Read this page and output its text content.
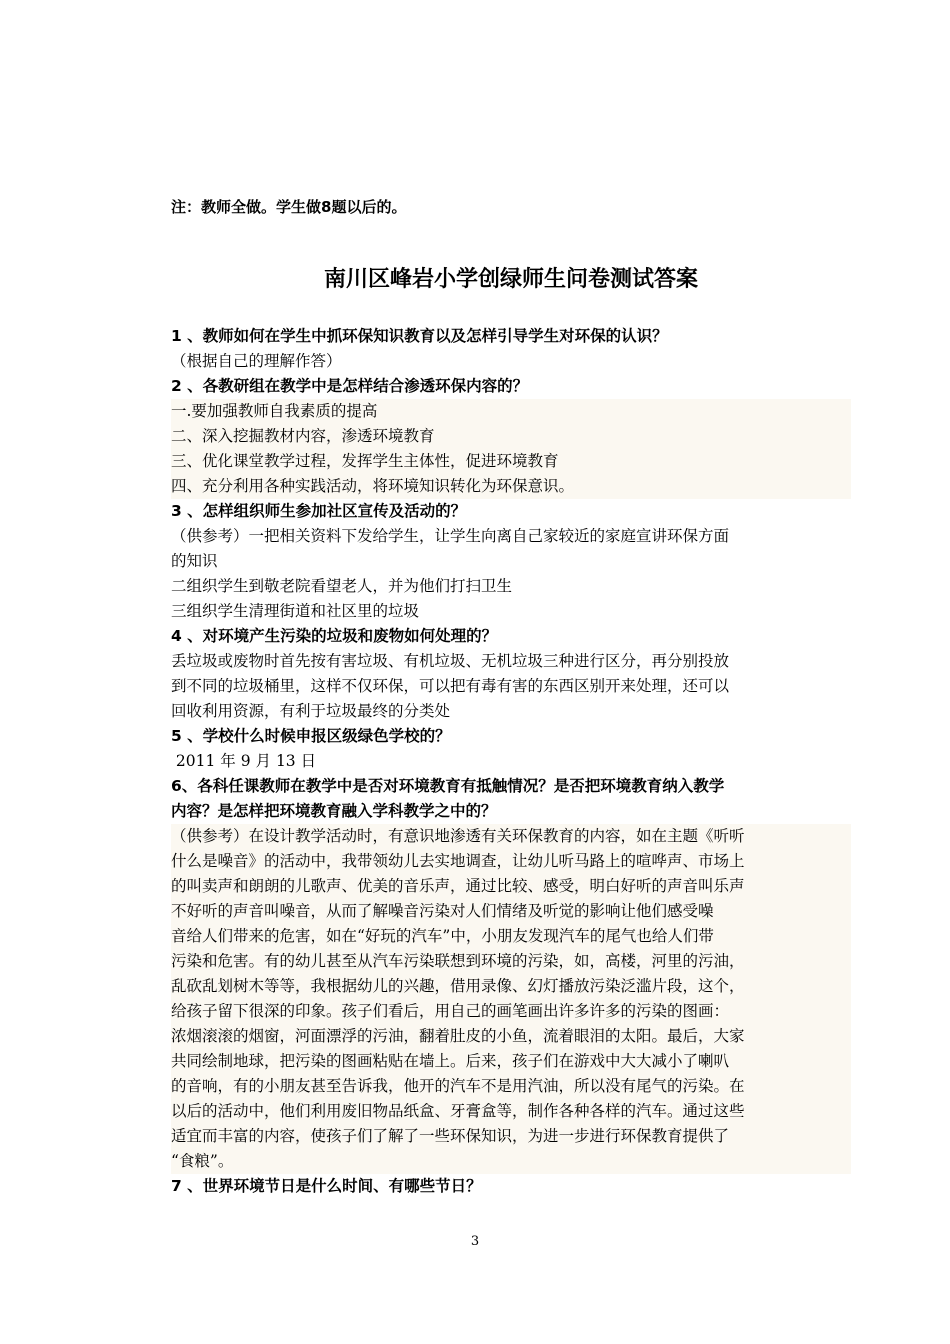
注：教师全做。学生做8题以后的。

南川区峰岩小学创绿师生问卷测试答案

1 、教师如何在学生中抓环保知识教育以及怎样引导学生对环保的认识？

（根据自己的理解作答）

2 、各教研组在教学中是怎样结合渗透环保内容的？

一.要加强教师自我素质的提高

二、深入挖掘教材内容，渗透环境教育

三、优化课堂教学过程，发挥学生主体性，促进环境教育

四、充分利用各种实践活动，将环境知识转化为环保意识。

3 、怎样组织师生参加社区宣传及活动的？

（供参考）一把相关资料下发给学生，让学生向离自己家较近的家庭宣讲环保方面

的知识

二组织学生到敬老院看望老人，并为他们打扫卫生

三组织学生清理街道和社区里的垃圾

4 、对环境产生污染的垃圾和废物如何处理的？

丢垃圾或废物时首先按有害垃圾、有机垃圾、无机垃圾三种进行区分，再分别投放

到不同的垃圾桶里，这样不仅环保，可以把有毒有害的东西区别开来处理，还可以

回收利用资源，有利于垃圾最终的分类处

5 、学校什么时候申报区级绿色学校的？

2011 年 9 月 13 日

6、各科任课教师在教学中是否对环境教育有抵触情况？是否把环境教育纳入教学

内容？是怎样把环境教育融入学科教学之中的？

（供参考）在设计教学活动时，有意识地渗透有关环保教育的内容，如在主题《听听

什么是噪音》的活动中，我带领幼儿去实地调查，让幼儿听马路上的喧哗声、市场上

的叫卖声和朗朗的儿歌声、优美的音乐声，通过比较、感受，明白好听的声音叫乐声

不好听的声音叫噪音，从而了解噪音污染对人们情绪及听觉的影响让他们感受噪

音给人们带来的危害，如在“好玩的汽车”中，小朋友发现汽车的尾气也给人们带

污染和危害。有的幼儿甚至从汽车污染联想到环境的污染，如，高楼，河里的污油，

乱砍乱划树木等等，我根据幼儿的兴趣，借用录像、幻灯播放污染泛滥片段，这个，

给孩子留下很深的印象。孩子们看后，用自己的画笔画出许多许多的污染的图画：

浓烟滚滚的烟窗，河面漂浮的污油，翻着肚皮的小鱼，流着眼泪的太阳。最后，大家

共同绘制地球，把污染的图画粘贴在墙上。后来，孩子们在游戏中大大减小了喇叭

的音响，有的小朋友甚至告诉我，他开的汽车不是用汽油，所以没有尾气的污染。在

以后的活动中，他们利用废旧物品纸盒、牙膏盒等，制作各种各样的汽车。通过这些

适宜而丰富的内容，使孩子们了解了一些环保知识，为进一步进行环保教育提供了

“食粮”。

7 、世界环境节日是什么时间、有哪些节日？

3
